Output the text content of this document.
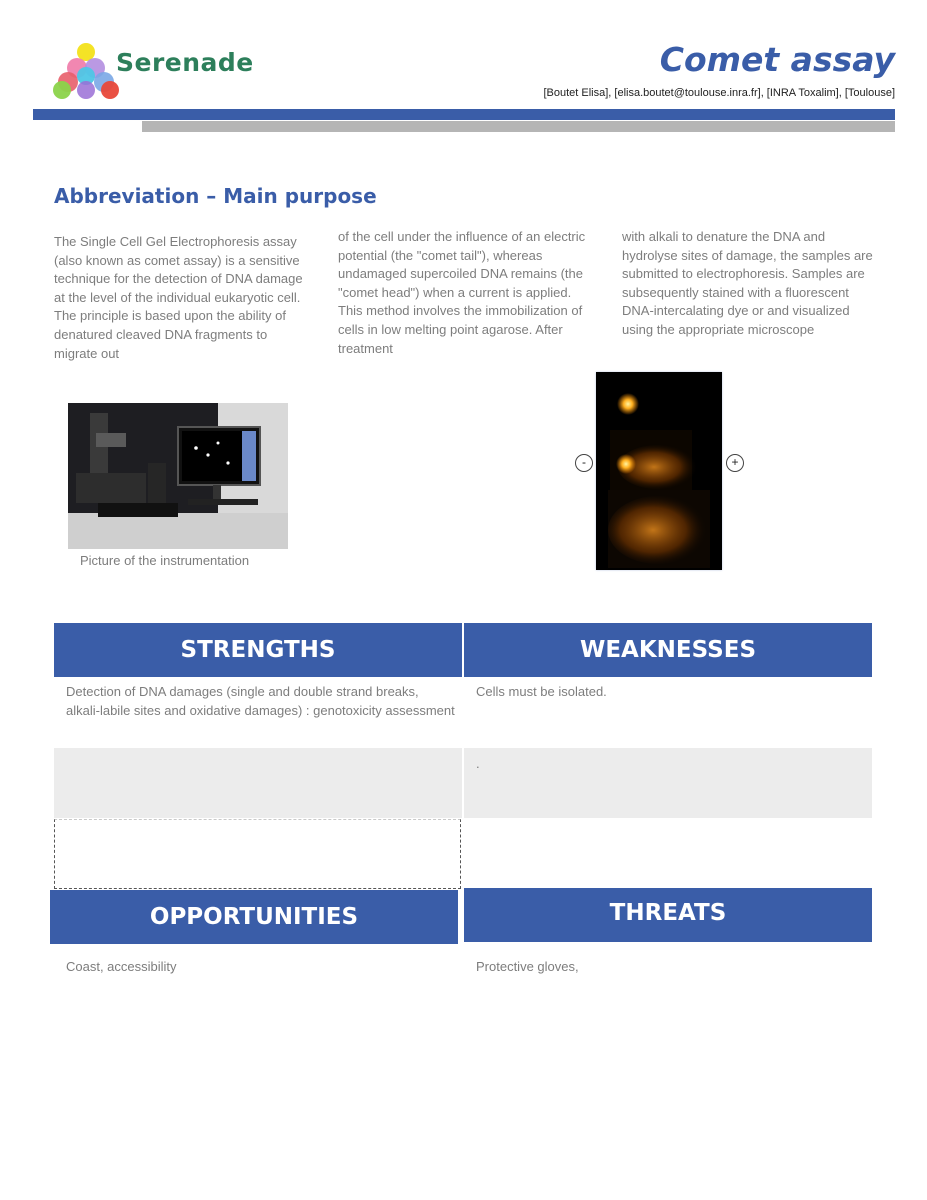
Serenade	Comet assay
[Boutet Elisa], [elisa.boutet@toulouse.inra.fr], [INRA Toxalim], [Toulouse]
Abbreviation – Main purpose
The Single Cell Gel Electrophoresis assay (also known as comet assay) is a sensitive technique for the detection of DNA damage at the level of the individual eukaryotic cell. The principle is based upon the ability of denatured cleaved DNA fragments to migrate out
of the cell under the influence of an electric potential (the "comet tail"), whereas undamaged supercoiled DNA remains (the "comet head") when a current is applied. This method involves the immobilization of cells in low melting point agarose. After treatment
with alkali to denature the DNA and hydrolyse sites of damage, the samples are submitted to electrophoresis. Samples are subsequently stained with a fluorescent DNA-intercalating dye or and visualized using the appropriate microscope
Picture of the instrumentation
-	+
STRENGTHS	WEAKNESSES
Detection of DNA damages (single and double strand breaks, alkali-labile sites and oxidative damages) : genotoxicity assessment
Cells must be isolated.
.
OPPORTUNITIES	THREATS
Coast, accessibility	Protective gloves,
